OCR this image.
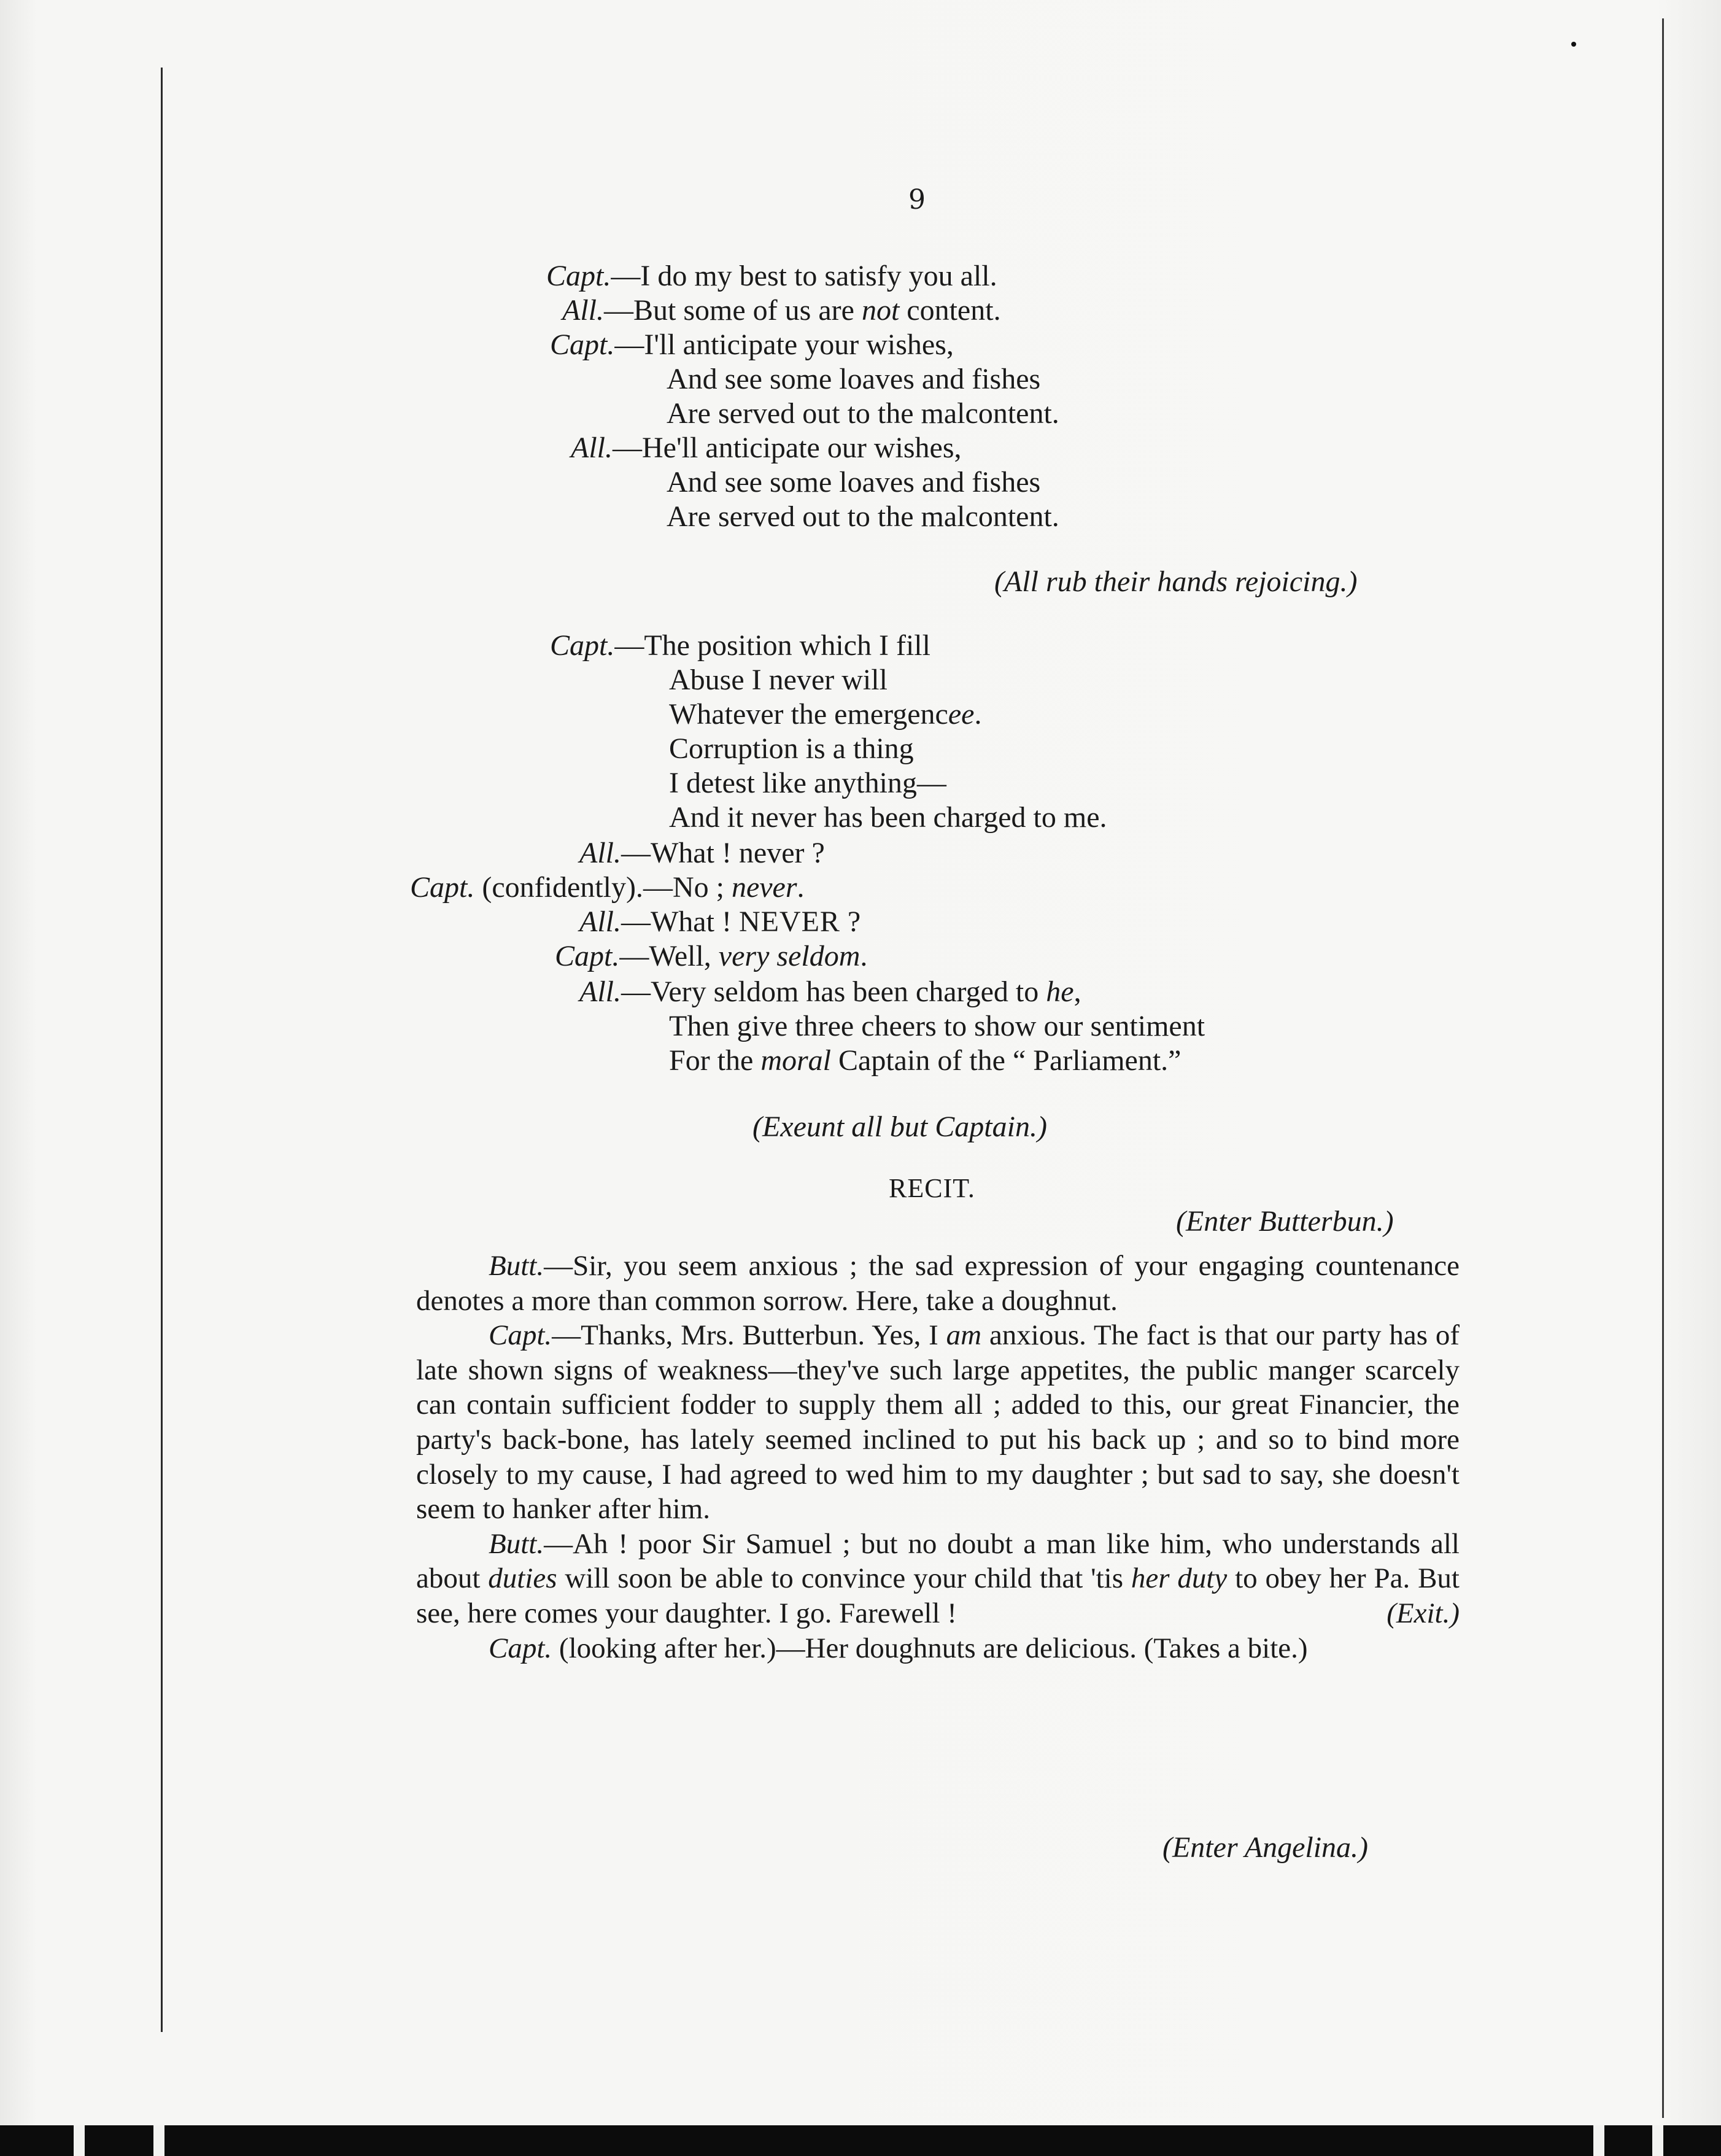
9
Capt.—I do my best to satisfy you all.
All.—But some of us are not content.
Capt.—I'll anticipate your wishes,
And see some loaves and fishes
Are served out to the malcontent.
All.—He'll anticipate our wishes,
And see some loaves and fishes
Are served out to the malcontent.
(All rub their hands rejoicing.)
Capt.—The position which I fill
Abuse I never will
Whatever the emergencee.
Corruption is a thing
I detest like anything—
And it never has been charged to me.
All.—What ! never ?
Capt. (confidently).—No ; never.
All.—What ! NEVER ?
Capt.—Well, very seldom.
All.—Very seldom has been charged to he,
Then give three cheers to show our sentiment
For the moral Captain of the “ Parliament.”
(Exeunt all but Captain.)
RECIT.
(Enter Butterbun.)

Butt.—Sir, you seem anxious ; the sad expression of your engaging countenance denotes a more than common sorrow. Here, take a doughnut.

Capt.—Thanks, Mrs. Butterbun. Yes, I am anxious. The fact is that our party has of late shown signs of weakness—they've such large appetites, the public manger scarcely can contain sufficient fodder to supply them all ; added to this, our great Financier, the party's back-bone, has lately seemed inclined to put his back up ; and so to bind more closely to my cause, I had agreed to wed him to my daughter ; but sad to say, she doesn't seem to hanker after him.

Butt.—Ah ! poor Sir Samuel ; but no doubt a man like him, who understands all about duties will soon be able to convince your child that 'tis her duty to obey her Pa. But see, here comes your daughter. I go. Farewell !	(Exit.)

Capt. (looking after her.)—Her doughnuts are delicious. (Takes a bite.)

(Enter Angelina.)
